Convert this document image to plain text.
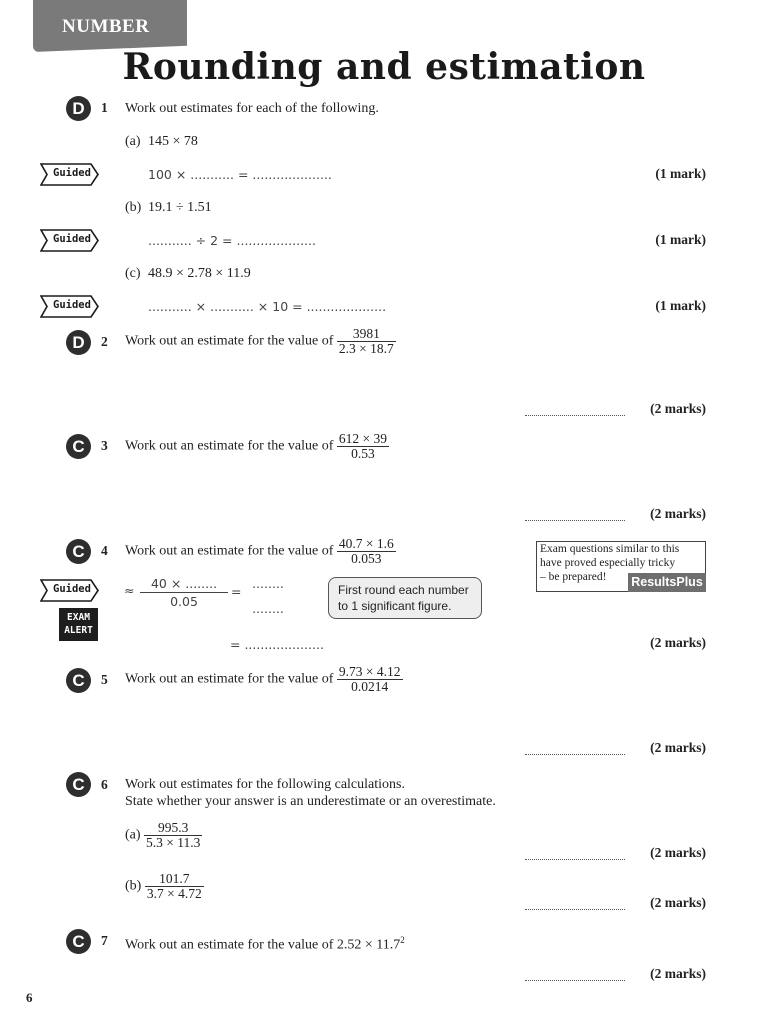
NUMBER
Rounding and estimation
D	1 Work out estimates for each of the following.
(a) 145 × 78
Guided	100 × ........... = ....................	(1 mark)
(b) 19.1 ÷ 1.51
Guided	........... ÷ 2 = ....................	(1 mark)
(c) 48.9 × 2.78 × 11.9
Guided	........... × ........... × 10 = ....................	(1 mark)
D	2 Work out an estimate for the value of $\frac{3981}{2.3 \times 18.7}$
(2 marks)
C	3 Work out an estimate for the value of $\frac{612 \times 39}{0.53}$
(2 marks)
C	4 Work out an estimate for the value of $\frac{40.7 \times 1.6}{0.053}$	Exam questions similar to this
have proved especially tricky
– be prepared!	ResultsPlus
Guided
EXAM
ALERT
≈ $\frac{40 \times ........}{0.05}$ =
........
........
First round each number
to 1 significant figure.
= ....................	(2 marks)
C	5 Work out an estimate for the value of $\frac{9.73 \times 4.12}{0.0214}$
(2 marks)
C	6 Work out estimates for the following calculations.
State whether your answer is an underestimate or an overestimate.
$(a) \frac{995.3}{5.3 \times 11.3}$
(2 marks)
$(b) \frac{101.7}{3.7 \times 4.72}$
(2 marks)
C	7 Work out an estimate for the value of $2.52 \times 11.7^2$
(2 marks)
6
